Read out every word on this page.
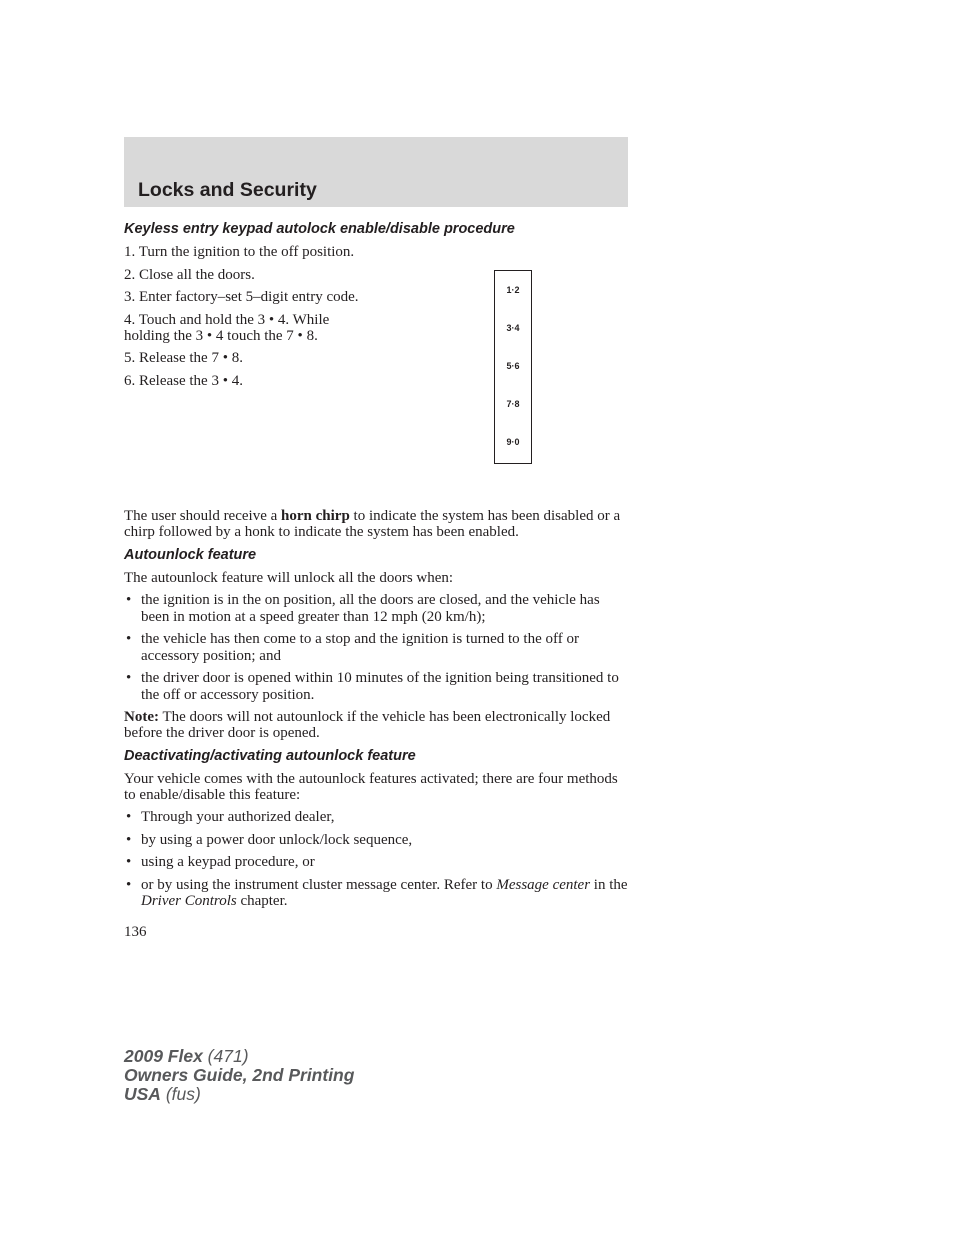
Locks and Security
Keyless entry keypad autolock enable/disable procedure

1. Turn the ignition to the off position.

2. Close all the doors.

3. Enter factory–set 5–digit entry code.

4. Touch and hold the 3 • 4. While holding the 3 • 4 touch the 7 • 8.

5. Release the 7 • 8.

6. Release the 3 • 4.

1·2
3·4
5·6
7·8
9·0

The user should receive a horn chirp to indicate the system has been disabled or a chirp followed by a honk to indicate the system has been enabled.

Autounlock feature

The autounlock feature will unlock all the doors when:

• the ignition is in the on position, all the doors are closed, and the vehicle has been in motion at a speed greater than 12 mph (20 km/h);
• the vehicle has then come to a stop and the ignition is turned to the off or accessory position; and
• the driver door is opened within 10 minutes of the ignition being transitioned to the off or accessory position.

Note: The doors will not autounlock if the vehicle has been electronically locked before the driver door is opened.

Deactivating/activating autounlock feature

Your vehicle comes with the autounlock features activated; there are four methods to enable/disable this feature:

• Through your authorized dealer,
• by using a power door unlock/lock sequence,
• using a keypad procedure, or
• or by using the instrument cluster message center. Refer to Message center in the Driver Controls chapter.

136

2009 Flex (471)
Owners Guide, 2nd Printing
USA (fus)
